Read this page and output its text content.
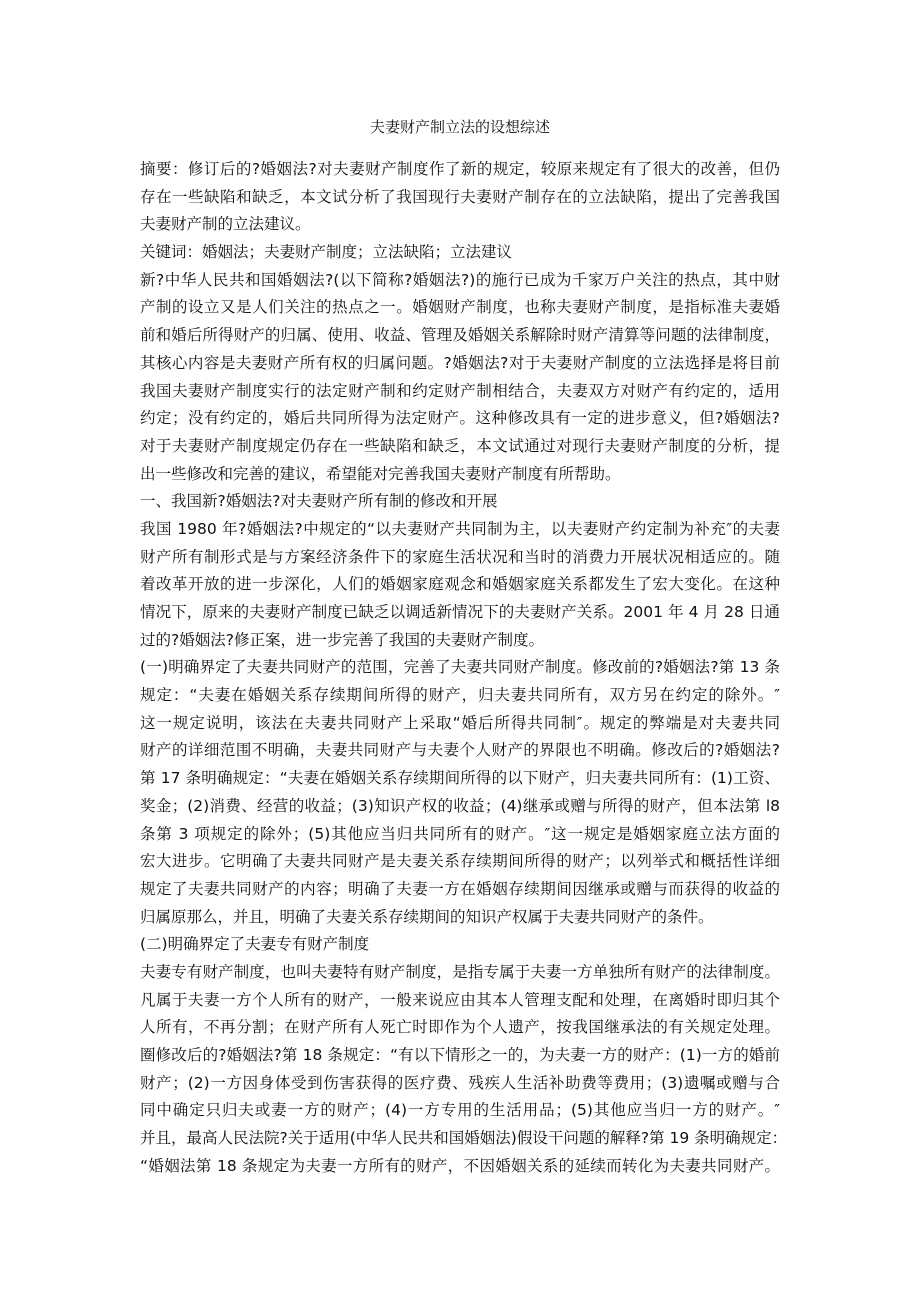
夫妻财产制立法的设想综述
摘要：修订后的?婚姻法?对夫妻财产制度作了新的规定，较原来规定有了很大的改善，但仍
存在一些缺陷和缺乏，本文试分析了我国现行夫妻财产制存在的立法缺陷，提出了完善我国
夫妻财产制的立法建议。
关键词：婚姻法；夫妻财产制度；立法缺陷；立法建议
新?中华人民共和国婚姻法?(以下简称?婚姻法?)的施行已成为千家万户关注的热点，其中财
产制的设立又是人们关注的热点之一。婚姻财产制度，也称夫妻财产制度，是指标准夫妻婚
前和婚后所得财产的归属、使用、收益、管理及婚姻关系解除时财产清算等问题的法律制度，
其核心内容是夫妻财产所有权的归属问题。?婚姻法?对于夫妻财产制度的立法选择是将目前
我国夫妻财产制度实行的法定财产制和约定财产制相结合，夫妻双方对财产有约定的，适用
约定；没有约定的，婚后共同所得为法定财产。这种修改具有一定的进步意义，但?婚姻法?
对于夫妻财产制度规定仍存在一些缺陷和缺乏，本文试通过对现行夫妻财产制度的分析，提
出一些修改和完善的建议，希望能对完善我国夫妻财产制度有所帮助。
一、我国新?婚姻法?对夫妻财产所有制的修改和开展
我国 1980 年?婚姻法?中规定的“以夫妻财产共同制为主，以夫妻财产约定制为补充″的夫妻
财产所有制形式是与方案经济条件下的家庭生活状况和当时的消费力开展状况相适应的。随
着改革开放的进一步深化，人们的婚姻家庭观念和婚姻家庭关系都发生了宏大变化。在这种
情况下，原来的夫妻财产制度已缺乏以调适新情况下的夫妻财产关系。2001 年 4 月 28 日通
过的?婚姻法?修正案，进一步完善了我国的夫妻财产制度。
(一)明确界定了夫妻共同财产的范围，完善了夫妻共同财产制度。修改前的?婚姻法?第 13 条
规定：“夫妻在婚姻关系存续期间所得的财产，归夫妻共同所有，双方另在约定的除外。″
这一规定说明，该法在夫妻共同财产上采取“婚后所得共同制″。规定的弊端是对夫妻共同
财产的详细范围不明确，夫妻共同财产与夫妻个人财产的界限也不明确。修改后的?婚姻法?
第 17 条明确规定：“夫妻在婚姻关系存续期间所得的以下财产，归夫妻共同所有：(1)工资、
奖金；(2)消费、经营的收益；(3)知识产权的收益；(4)继承或赠与所得的财产，但本法第 l8
条第 3 项规定的除外；(5)其他应当归共同所有的财产。″这一规定是婚姻家庭立法方面的
宏大进步。它明确了夫妻共同财产是夫妻关系存续期间所得的财产；以列举式和概括性详细
规定了夫妻共同财产的内容；明确了夫妻一方在婚姻存续期间因继承或赠与而获得的收益的
归属原那么，并且，明确了夫妻关系存续期间的知识产权属于夫妻共同财产的条件。
(二)明确界定了夫妻专有财产制度
夫妻专有财产制度，也叫夫妻特有财产制度，是指专属于夫妻一方单独所有财产的法律制度。
凡属于夫妻一方个人所有的财产，一般来说应由其本人管理支配和处理，在离婚时即归其个
人所有，不再分割；在财产所有人死亡时即作为个人遗产，按我国继承法的有关规定处理。
圈修改后的?婚姻法?第 18 条规定：“有以下情形之一的，为夫妻一方的财产：(1)一方的婚前
财产；(2)一方因身体受到伤害获得的医疗费、残疾人生活补助费等费用；(3)遗嘱或赠与合
同中确定只归夫或妻一方的财产；(4)一方专用的生活用品；(5)其他应当归一方的财产。″
并且，最高人民法院?关于适用(中华人民共和国婚姻法)假设干问题的解释?第 19 条明确规定：
“婚姻法第 18 条规定为夫妻一方所有的财产，不因婚姻关系的延续而转化为夫妻共同财产。
